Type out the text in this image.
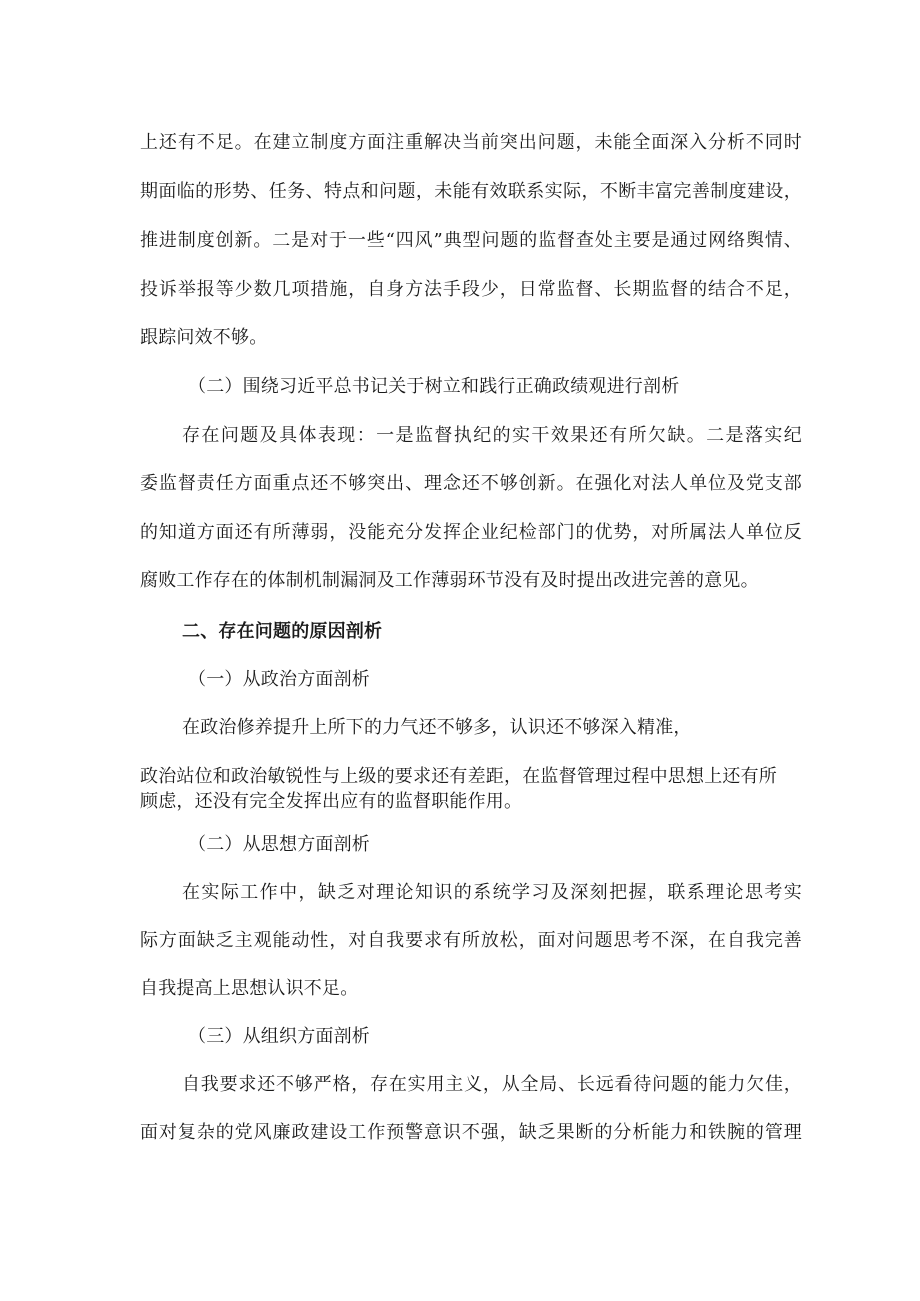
上还有不足。在建立制度方面注重解决当前突出问题，未能全面深入分析不同时
期面临的形势、任务、特点和问题，未能有效联系实际，不断丰富完善制度建设，
推进制度创新。二是对于一些“四风”典型问题的监督查处主要是通过网络舆情、
投诉举报等少数几项措施，自身方法手段少，日常监督、长期监督的结合不足，
跟踪问效不够。
（二）围绕习近平总书记关于树立和践行正确政绩观进行剖析
存在问题及具体表现：一是监督执纪的实干效果还有所欠缺。二是落实纪
委监督责任方面重点还不够突出、理念还不够创新。在强化对法人单位及党支部
的知道方面还有所薄弱，没能充分发挥企业纪检部门的优势，对所属法人单位反
腐败工作存在的体制机制漏洞及工作薄弱环节没有及时提出改进完善的意见。
二、存在问题的原因剖析
（一）从政治方面剖析
在政治修养提升上所下的力气还不够多，认识还不够深入精准，
政治站位和政治敏锐性与上级的要求还有差距，在监督管理过程中思想上还有所
顾虑，还没有完全发挥出应有的监督职能作用。
（二）从思想方面剖析
在实际工作中，缺乏对理论知识的系统学习及深刻把握，联系理论思考实
际方面缺乏主观能动性，对自我要求有所放松，面对问题思考不深，在自我完善
自我提高上思想认识不足。
（三）从组织方面剖析
自我要求还不够严格，存在实用主义，从全局、长远看待问题的能力欠佳，
面对复杂的党风廉政建设工作预警意识不强，缺乏果断的分析能力和铁腕的管理
